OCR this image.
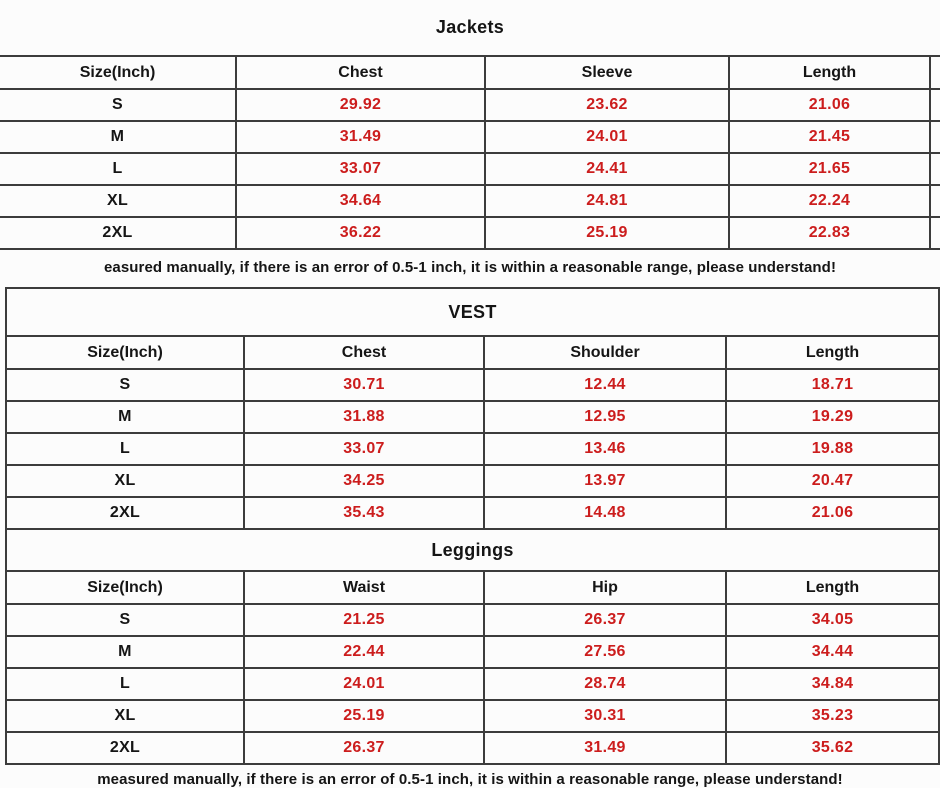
Jackets
Size(Inch)	Chest	Sleeve	Length	
S	29.92	23.62	21.06	
M	31.49	24.01	21.45	
L	33.07	24.41	21.65	
XL	34.64	24.81	22.24	
2XL	36.22	25.19	22.83	
easured manually, if there is an error of 0.5-1 inch, it is within a reasonable range, please understand!
VEST			
Size(Inch)	Chest	Shoulder	Length
S	30.71	12.44	18.71
M	31.88	12.95	19.29
L	33.07	13.46	19.88
XL	34.25	13.97	20.47
2XL	35.43	14.48	21.06
Leggings			
Size(Inch)	Waist	Hip	Length
S	21.25	26.37	34.05
M	22.44	27.56	34.44
L	24.01	28.74	34.84
XL	25.19	30.31	35.23
2XL	26.37	31.49	35.62
measured manually, if there is an error of 0.5-1 inch, it is within a reasonable range, please understand!
